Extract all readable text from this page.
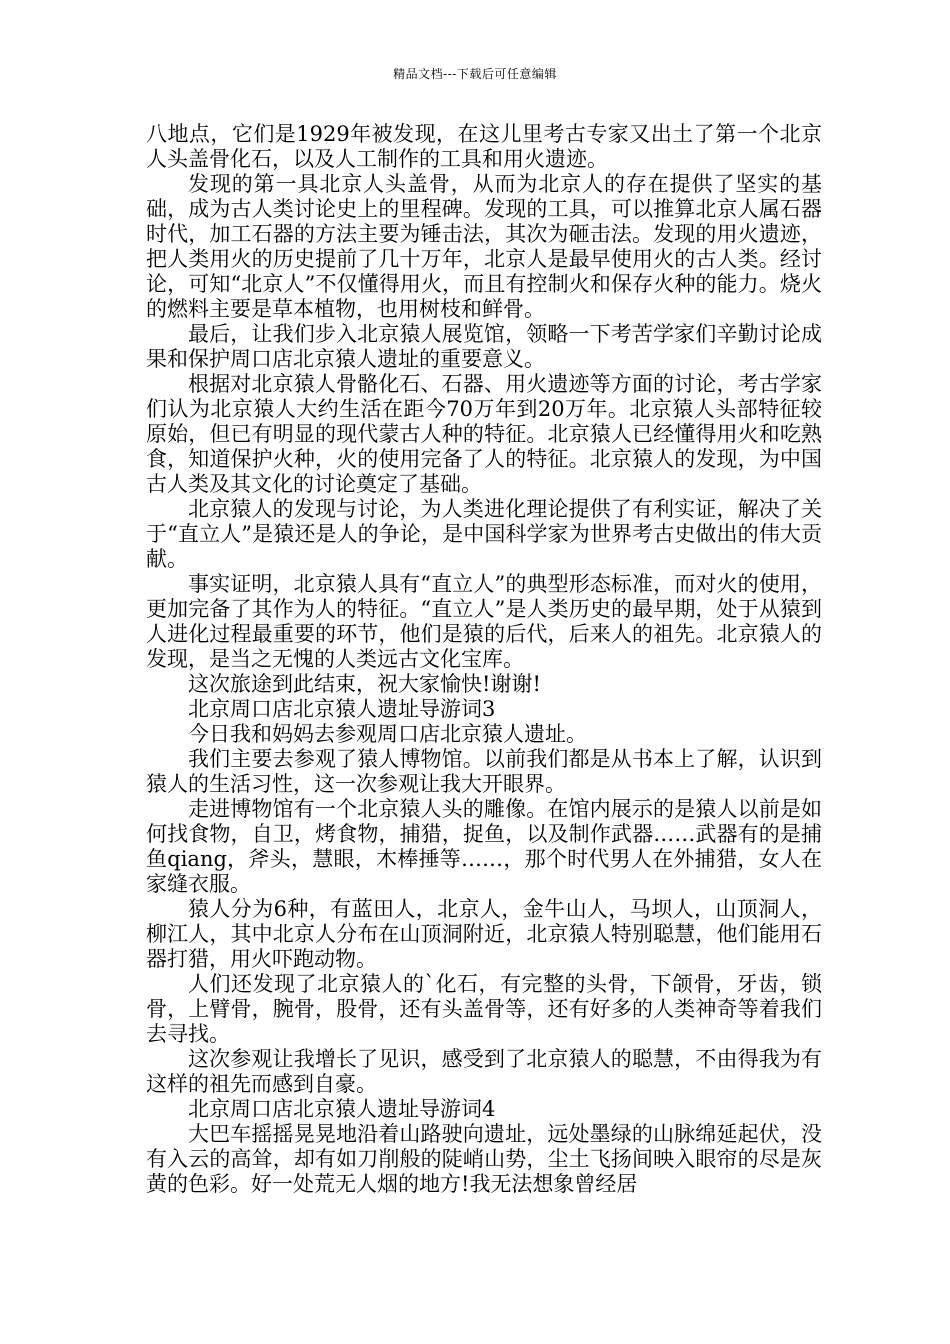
精品文档---下载后可任意编辑

八地点，它们是1929年被发现，在这儿里考古专家又出土了第一个北京人头盖骨化石，以及人工制作的工具和用火遗迹。

发现的第一具北京人头盖骨，从而为北京人的存在提供了坚实的基础，成为古人类讨论史上的里程碑。发现的工具，可以推算北京人属石器时代，加工石器的方法主要为锤击法，其次为砸击法。发现的用火遗迹，把人类用火的历史提前了几十万年，北京人是最早使用火的古人类。经讨论，可知“北京人”不仅懂得用火，而且有控制火和保存火种的能力。烧火的燃料主要是草本植物，也用树枝和鲜骨。

最后，让我们步入北京猿人展览馆，领略一下考苦学家们辛勤讨论成果和保护周口店北京猿人遗址的重要意义。

根据对北京猿人骨骼化石、石器、用火遗迹等方面的讨论，考古学家们认为北京猿人大约生活在距今70万年到20万年。北京猿人头部特征较原始，但已有明显的现代蒙古人种的特征。北京猿人已经懂得用火和吃熟食，知道保护火种，火的使用完备了人的特征。北京猿人的发现，为中国古人类及其文化的讨论奠定了基础。

北京猿人的发现与讨论，为人类进化理论提供了有利实证，解决了关于“直立人”是猿还是人的争论，是中国科学家为世界考古史做出的伟大贡献。

事实证明，北京猿人具有“直立人”的典型形态标准，而对火的使用，更加完备了其作为人的特征。“直立人”是人类历史的最早期，处于从猿到人进化过程最重要的环节，他们是猿的后代，后来人的祖先。北京猿人的发现，是当之无愧的人类远古文化宝库。

这次旅途到此结束，祝大家愉快!谢谢!

北京周口店北京猿人遗址导游词3

今日我和妈妈去参观周口店北京猿人遗址。

我们主要去参观了猿人博物馆。以前我们都是从书本上了解，认识到猿人的生活习性，这一次参观让我大开眼界。

走进博物馆有一个北京猿人头的雕像。在馆内展示的是猿人以前是如何找食物，自卫，烤食物，捕猎，捉鱼，以及制作武器……武器有的是捕鱼qiang，斧头，慧眼，木棒捶等……，那个时代男人在外捕猎，女人在家缝衣服。

猿人分为6种，有蓝田人，北京人，金牛山人，马坝人，山顶洞人，柳江人，其中北京人分布在山顶洞附近，北京猿人特别聪慧，他们能用石器打猎，用火吓跑动物。

人们还发现了北京猿人的`化石，有完整的头骨，下颌骨，牙齿，锁骨，上臂骨，腕骨，股骨，还有头盖骨等，还有好多的人类神奇等着我们去寻找。

这次参观让我增长了见识，感受到了北京猿人的聪慧，不由得我为有这样的祖先而感到自豪。

北京周口店北京猿人遗址导游词4

大巴车摇摇晃晃地沿着山路驶向遗址，远处墨绿的山脉绵延起伏，没有入云的高耸，却有如刀削般的陡峭山势，尘土飞扬间映入眼帘的尽是灰黄的色彩。好一处荒无人烟的地方!我无法想象曾经居
